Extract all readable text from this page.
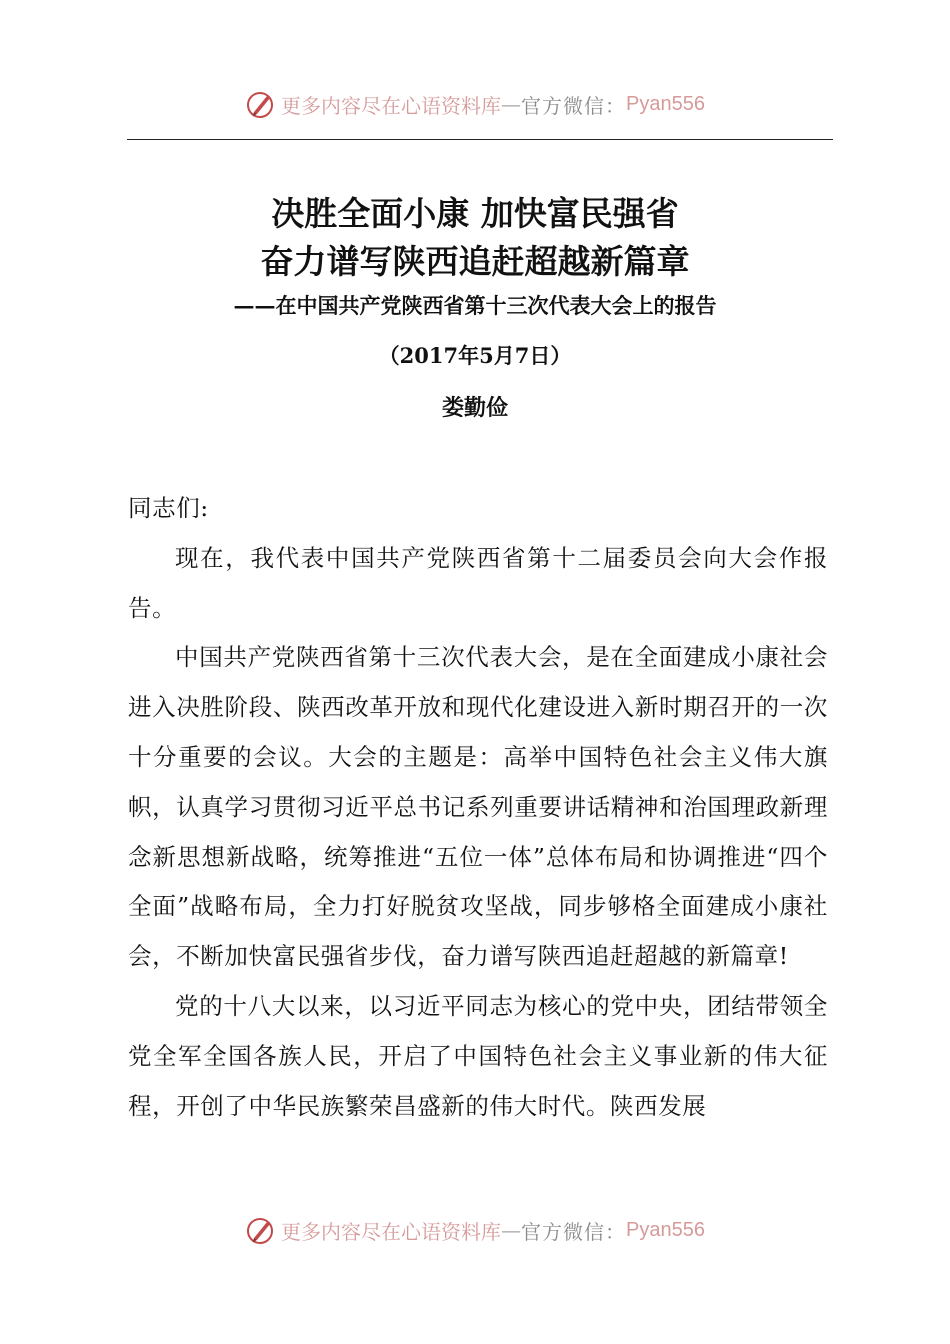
更多内容尽在心语资料库 — 官方微信： Pyan556
决胜全面小康 加快富民强省
奋力谱写陕西追赶超越新篇章
——在中国共产党陕西省第十三次代表大会上的报告
（2017年5月7日）
娄勤俭

同志们:

现在，我代表中国共产党陕西省第十二届委员会向大会作报告。

中国共产党陕西省第十三次代表大会，是在全面建成小康社会进入决胜阶段、陕西改革开放和现代化建设进入新时期召开的一次十分重要的会议。大会的主题是：高举中国特色社会主义伟大旗帜，认真学习贯彻习近平总书记系列重要讲话精神和治国理政新理念新思想新战略，统筹推进“五位一体”总体布局和协调推进“四个全面”战略布局，全力打好脱贫攻坚战，同步够格全面建成小康社会，不断加快富民强省步伐，奋力谱写陕西追赶超越的新篇章!

党的十八大以来，以习近平同志为核心的党中央，团结带领全党全军全国各族人民，开启了中国特色社会主义事业新的伟大征程，开创了中华民族繁荣昌盛新的伟大时代。陕西发展

更多内容尽在心语资料库 — 官方微信： Pyan556
